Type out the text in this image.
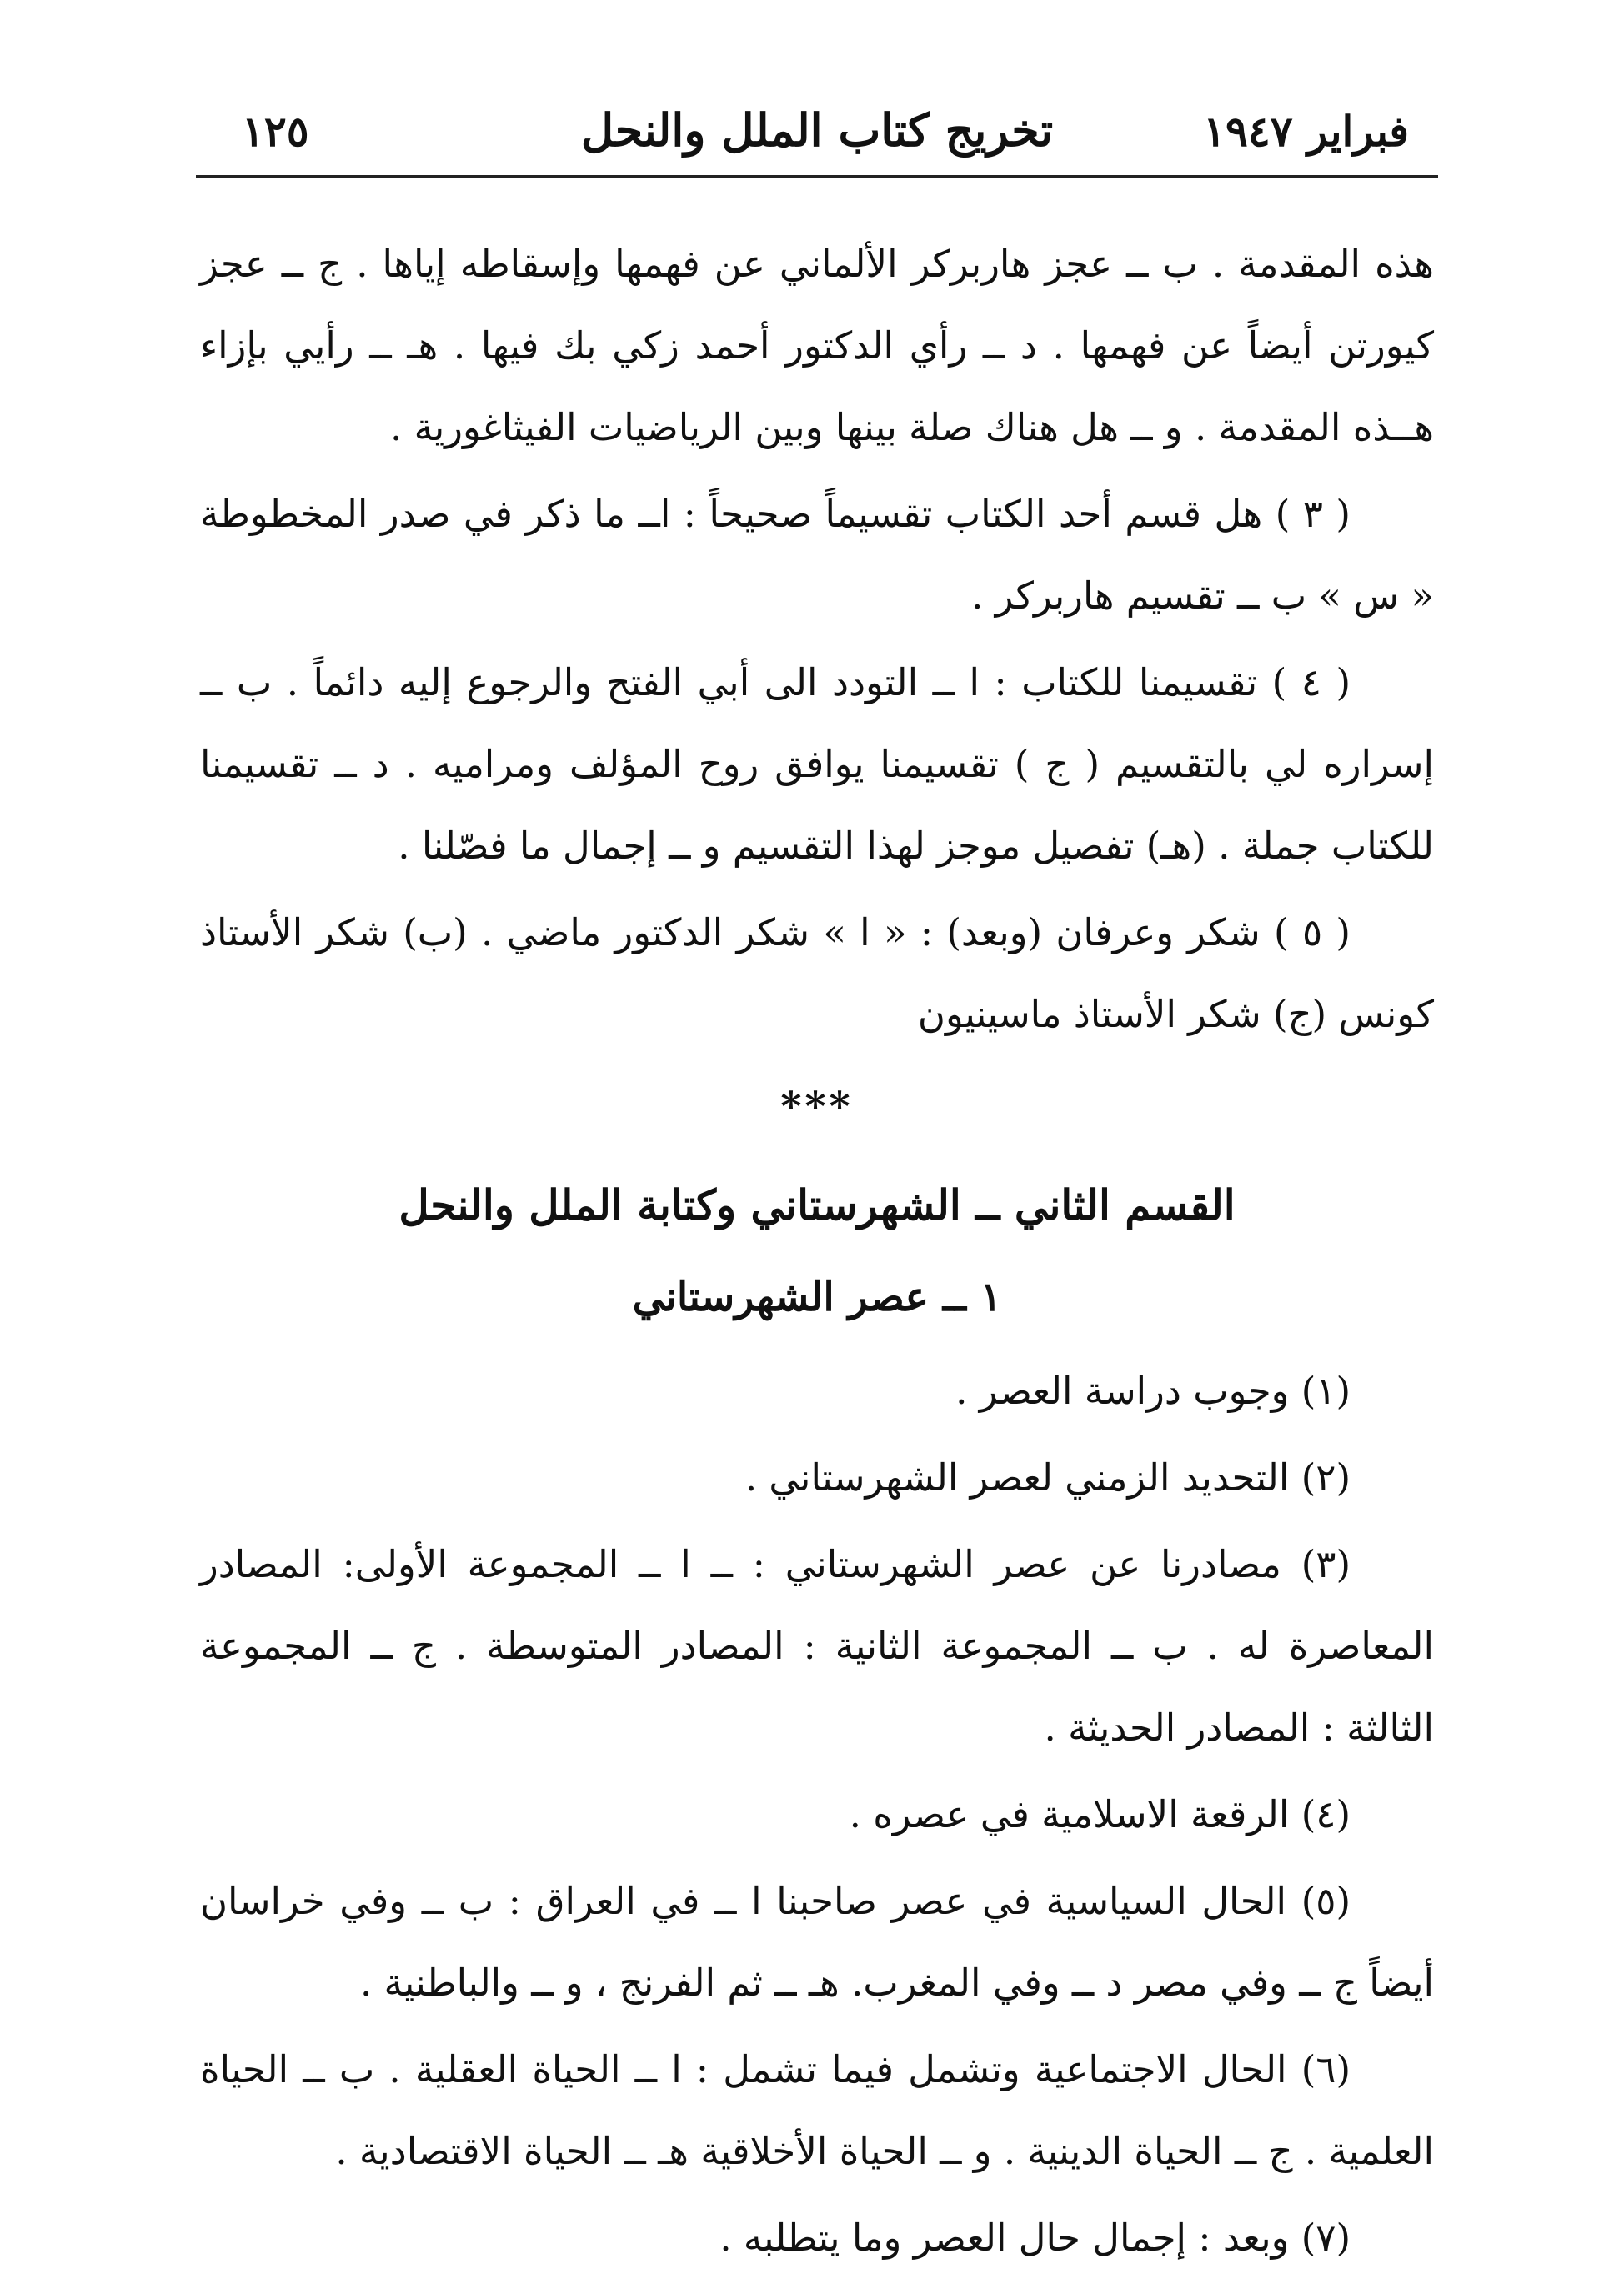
١٢٥	تخريج كتاب الملل والنحل	فبراير ١٩٤٧

هذه المقدمة . ب ــ عجز هاربركر الألماني عن فهمها وإسقاطه إياها . ج ــ عجز كيورتن أيضاً عن فهمها . د ــ رأي الدكتور أحمد زكي بك فيها . هـ ــ رأيي بإزاء هــذه المقدمة . و ــ هل هناك صلة بينها وبين الرياضيات الفيثاغورية .

( ٣ ) هل قسم أحد الكتاب تقسيماً صحيحاً : اــ ما ذكر في صدر المخطوطة « س » ب ــ تقسيم هاربركر .

( ٤ ) تقسيمنا للكتاب : ا ــ التودد الى أبي الفتح والرجوع إليه دائماً . ب ــ إسراره لي بالتقسيم ( ج ) تقسيمنا يوافق روح المؤلف ومراميه . د ــ تقسيمنا للكتاب جملة . (هـ) تفصيل موجز لهذا التقسيم و ــ إجمال ما فصّلنا .

( ٥ ) شكر وعرفان (وبعد) : « ا » شكر الدكتور ماضي . (ب) شكر الأستاذ كونس (ج) شكر الأستاذ ماسينيون

***
القسم الثاني ــ الشهرستاني وكتابة الملل والنحل
١ ــ عصر الشهرستاني

(١) وجوب دراسة العصر .

(٢) التحديد الزمني لعصر الشهرستاني .

(٣) مصادرنا عن عصر الشهرستاني : ــ ا ــ المجموعة الأولى: المصادر المعاصرة له . ب ــ المجموعة الثانية : المصادر المتوسطة . ج ــ المجموعة الثالثة : المصادر الحديثة .

(٤) الرقعة الاسلامية في عصره .

(٥) الحال السياسية في عصر صاحبنا ا ــ في العراق : ب ــ وفي خراسان أيضاً ج ــ وفي مصر د ــ وفي المغرب. هـ ــ ثم الفرنج ، و ــ والباطنية .

(٦) الحال الاجتماعية وتشمل فيما تشمل : ا ــ الحياة العقلية . ب ــ الحياة العلمية . ج ــ الحياة الدينية . و ــ الحياة الأخلاقية هـ ــ الحياة الاقتصادية .

(٧) وبعد : إجمال حال العصر وما يتطلبه .
